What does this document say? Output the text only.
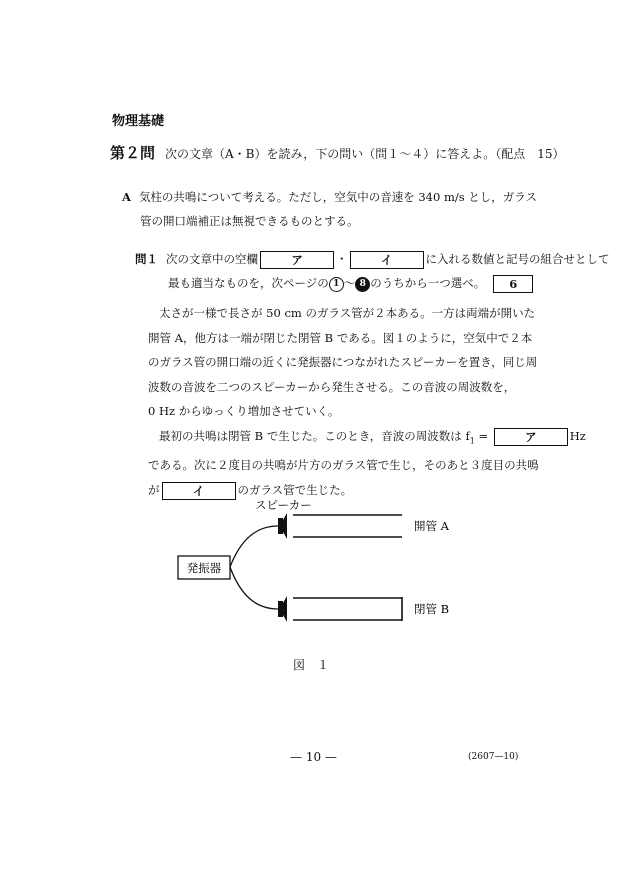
物理基礎
第２問 次の文章（A・B）を読み，下の問い（問１～４）に答えよ。（配点　15）
A 気柱の共鳴について考える。ただし，空気中の音速を 340 m/s とし，ガラス
管の開口端補正は無視できるものとする。
問１ 次の文章中の空欄	ア	・	イ	に入れる数値と記号の組合せとして
最も適当なものを，次ページの 1 ～ 8 のうちから一つ選べ。 6
太さが一様で長さが 50 cm のガラス管が２本ある。一方は両端が開いた
開管 A，他方は一端が閉じた閉管 B である。図１のように，空気中で２本
のガラス管の開口端の近くに発振器につながれたスピーカーを置き，同じ周
波数の音波を二つのスピーカーから発生させる。この音波の周波数を，
0 Hz からゆっくり増加させていく。
最初の共鳴は閉管 B で生じた。このとき，音波の周波数は $f_1$ =	ア	Hz
である。次に２度目の共鳴が片方のガラス管で生じ，そのあと３度目の共鳴
が	イ	のガラス管で生じた。
スピーカー
発振器
開管 A
閉管 B
図　１
— 10 —	(2607—10)
